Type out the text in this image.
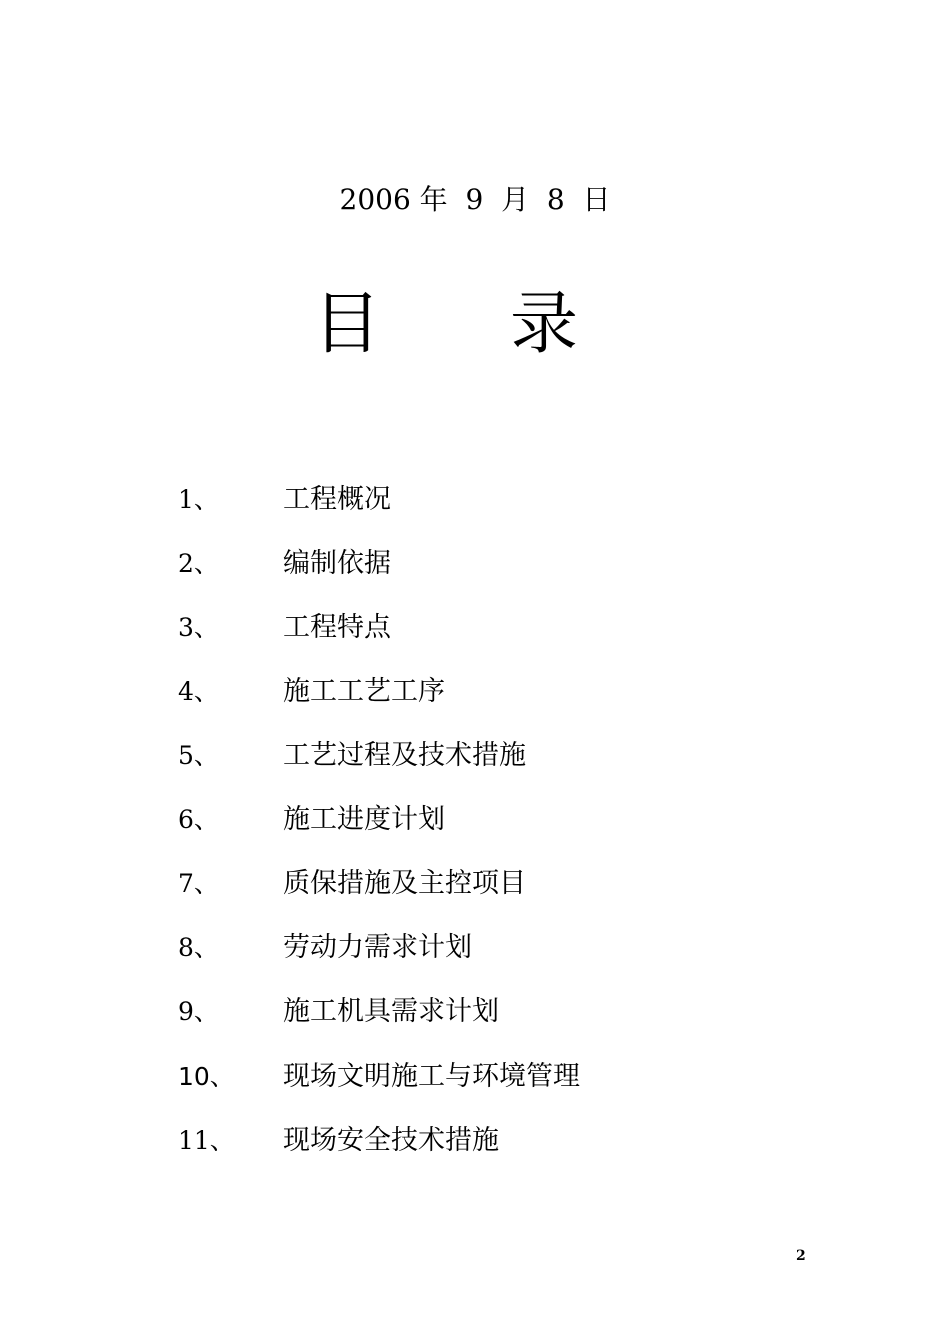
2006 年  9  月  8  日
目 录
1、 工程概况
2、 编制依据
3、 工程特点
4、 施工工艺工序
5、 工艺过程及技术措施
6、 施工进度计划
7、 质保措施及主控项目
8、 劳动力需求计划
9、 施工机具需求计划
10、 现场文明施工与环境管理
11、 现场安全技术措施
2
